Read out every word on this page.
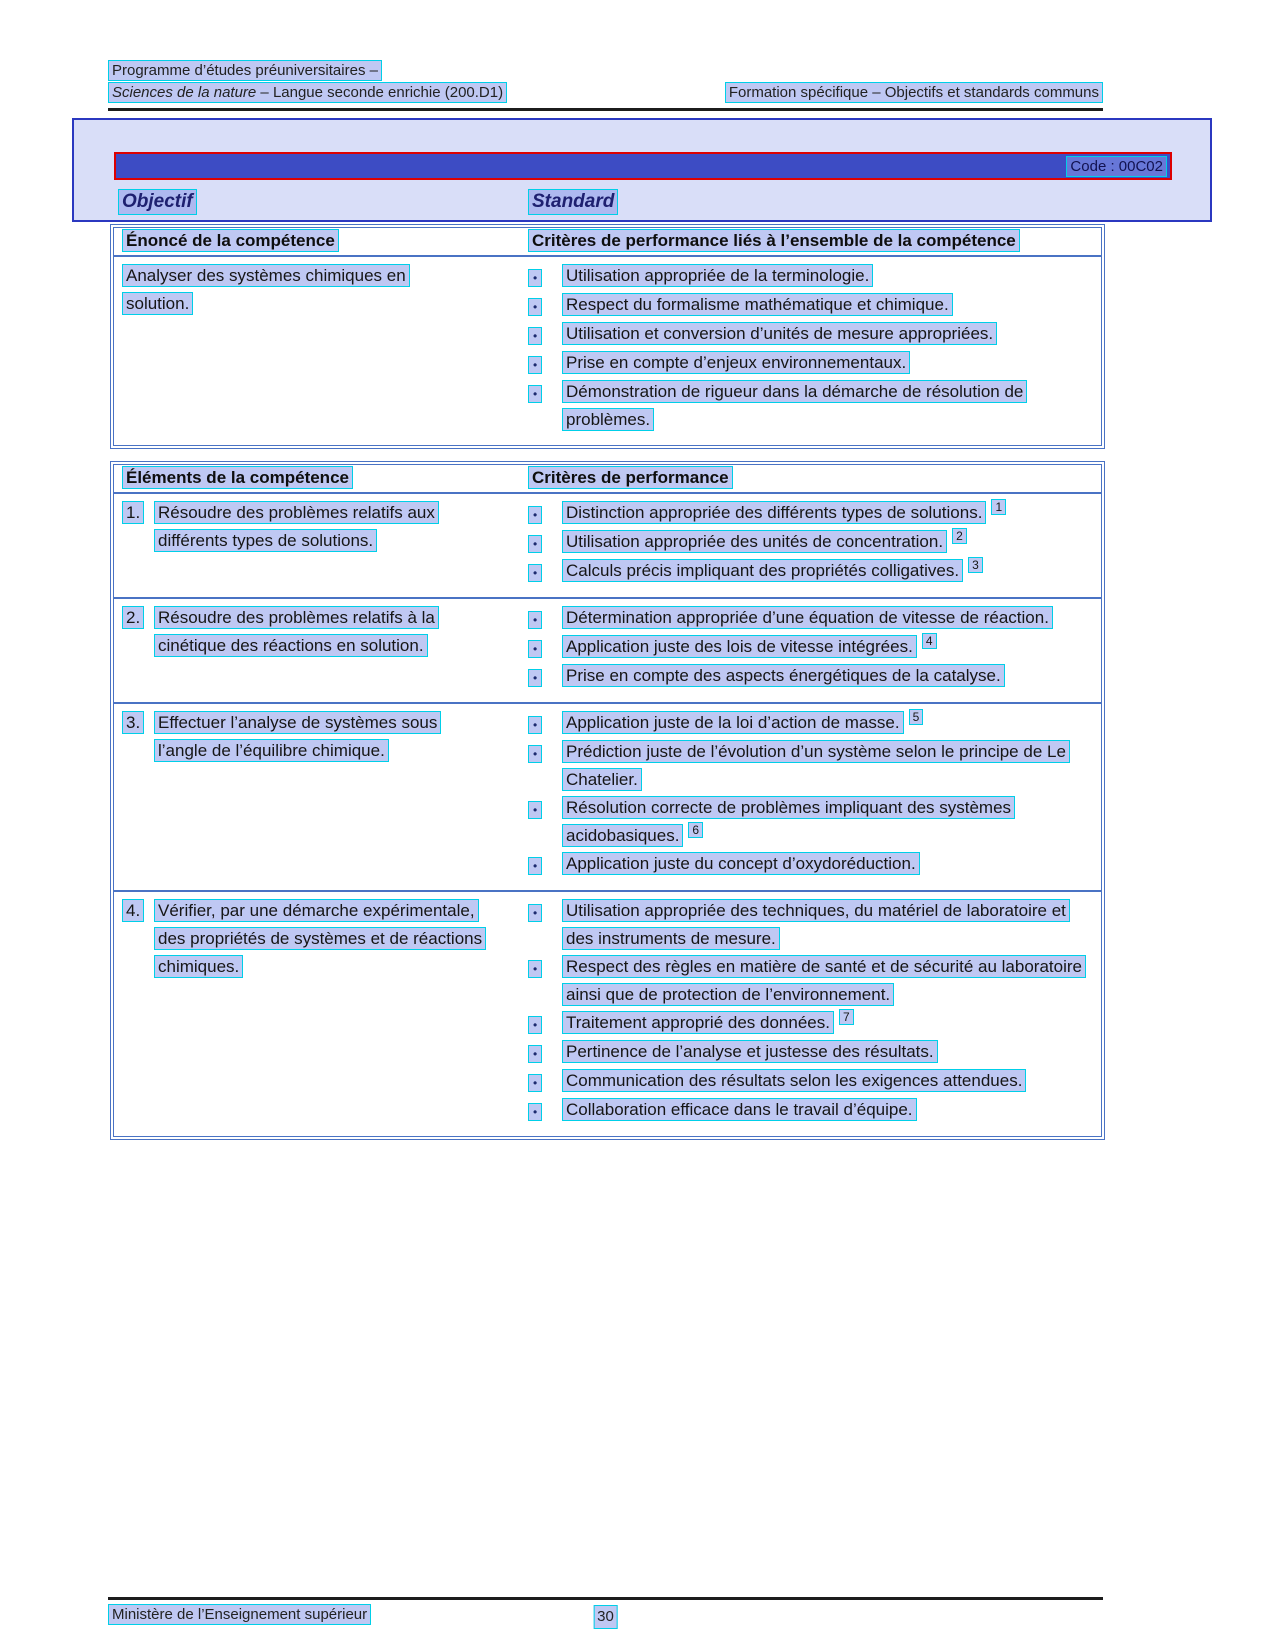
Programme d’études préuniversitaires –
Sciences de la nature – Langue seconde enrichie (200.D1)	Formation spécifique – Objectifs et standards communs
Code : 00C02
Objectif	Standard
Énoncé de la compétence	Critères de performance liés à l’ensemble de la compétence
Analyser des systèmes chimiques en solution.
•	Utilisation appropriée de la terminologie.
•	Respect du formalisme mathématique et chimique.
•	Utilisation et conversion d’unités de mesure appropriées.
•	Prise en compte d’enjeux environnementaux.
•	Démonstration de rigueur dans la démarche de résolution de problèmes.
Éléments de la compétence	Critères de performance
1.	Résoudre des problèmes relatifs aux différents types de solutions.
•	Distinction appropriée des différents types de solutions. $^1$
•	Utilisation appropriée des unités de concentration. $^2$
•	Calculs précis impliquant des propriétés colligatives. $^3$
2.	Résoudre des problèmes relatifs à la cinétique des réactions en solution.
•	Détermination appropriée d’une équation de vitesse de réaction.
•	Application juste des lois de vitesse intégrées. $^4$
•	Prise en compte des aspects énergétiques de la catalyse.
3.	Effectuer l’analyse de systèmes sous l’angle de l’équilibre chimique.
•	Application juste de la loi d’action de masse. $^5$
•	Prédiction juste de l’évolution d’un système selon le principe de Le Chatelier.
•	Résolution correcte de problèmes impliquant des systèmes acidobasiques. $^6$
•	Application juste du concept d’oxydoréduction.
4.	Vérifier, par une démarche expérimentale, des propriétés de systèmes et de réactions chimiques.
•	Utilisation appropriée des techniques, du matériel de laboratoire et des instruments de mesure.
•	Respect des règles en matière de santé et de sécurité au laboratoire ainsi que de protection de l’environnement.
•	Traitement approprié des données. $^7$
•	Pertinence de l’analyse et justesse des résultats.
•	Communication des résultats selon les exigences attendues.
•	Collaboration efficace dans le travail d’équipe.
Ministère de l’Enseignement supérieur	30
